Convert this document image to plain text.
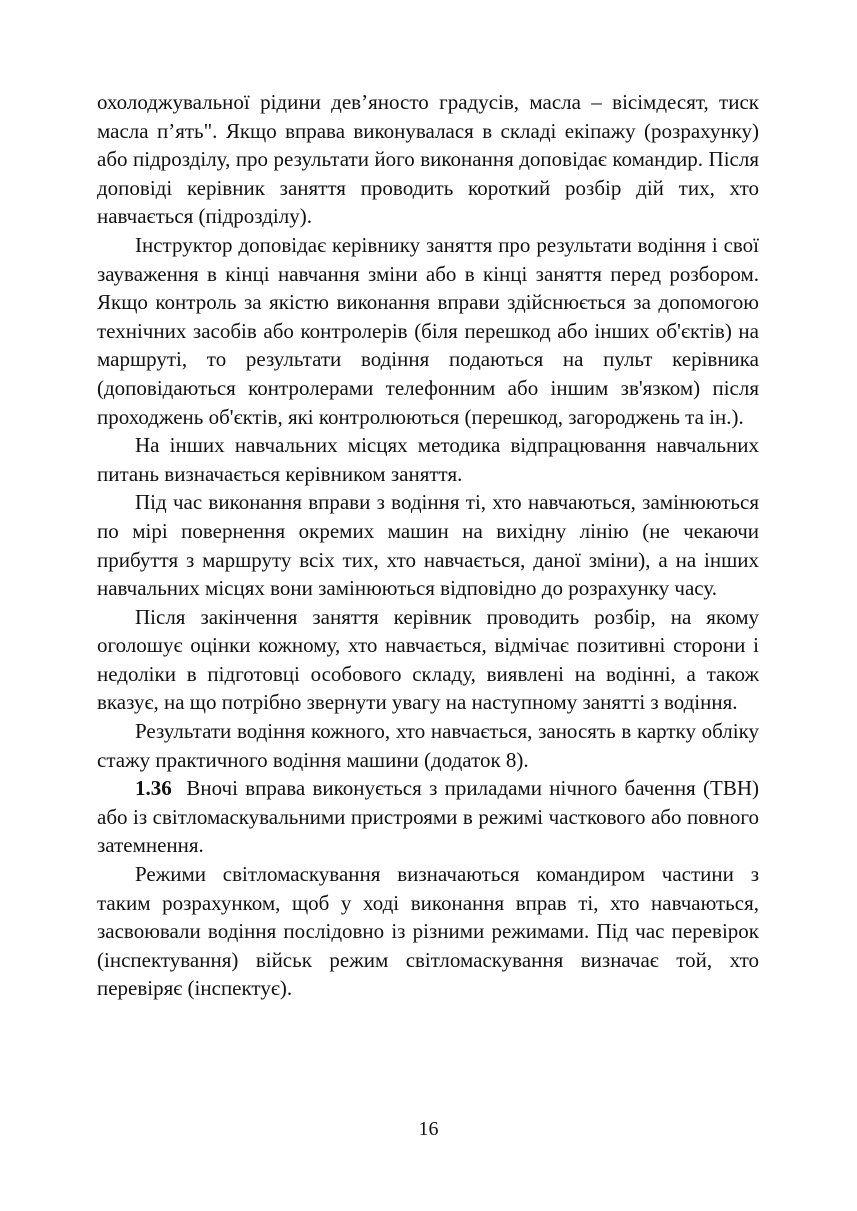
охолоджувальної рідини дев’яносто градусів, масла – вісімдесят, тиск масла п’ять". Якщо вправа виконувалася в складі екіпажу (розрахунку) або підрозділу, про результати його виконання доповідає командир. Після доповіді керівник заняття проводить короткий розбір дій тих, хто навчається (підрозділу).

Інструктор доповідає керівнику заняття про результати водіння і свої зауваження в кінці навчання зміни або в кінці заняття перед розбором. Якщо контроль за якістю виконання вправи здійснюється за допомогою технічних засобів або контролерів (біля перешкод або інших об'єктів) на маршруті, то результати водіння подаються на пульт керівника (доповідаються контролерами телефонним або іншим зв'язком) після проходжень об'єктів, які контролюються (перешкод, загороджень та ін.).

На інших навчальних місцях методика відпрацювання навчальних питань визначається керівником заняття.

Під час виконання вправи з водіння ті, хто навчаються, замінюються по мірі повернення окремих машин на вихідну лінію (не чекаючи прибуття з маршруту всіх тих, хто навчається, даної зміни), а на інших навчальних місцях вони замінюються відповідно до розрахунку часу.

Після закінчення заняття керівник проводить розбір, на якому оголошує оцінки кожному, хто навчається, відмічає позитивні сторони і недоліки в підготовці особового складу, виявлені на водінні, а також вказує, на що потрібно звернути увагу на наступному занятті з водіння.

Результати водіння кожного, хто навчається, заносять в картку обліку стажу практичного водіння машини (додаток 8).

1.36 Вночі вправа виконується з приладами нічного бачення (ТВН) або із світломаскувальними пристроями в режимі часткового або повного затемнення.

Режими світломаскування визначаються командиром частини з таким розрахунком, щоб у ході виконання вправ ті, хто навчаються, засвоювали водіння послідовно із різними режимами. Під час перевірок (інспектування) військ режим світломаскування визначає той, хто перевіряє (інспектує).

16
